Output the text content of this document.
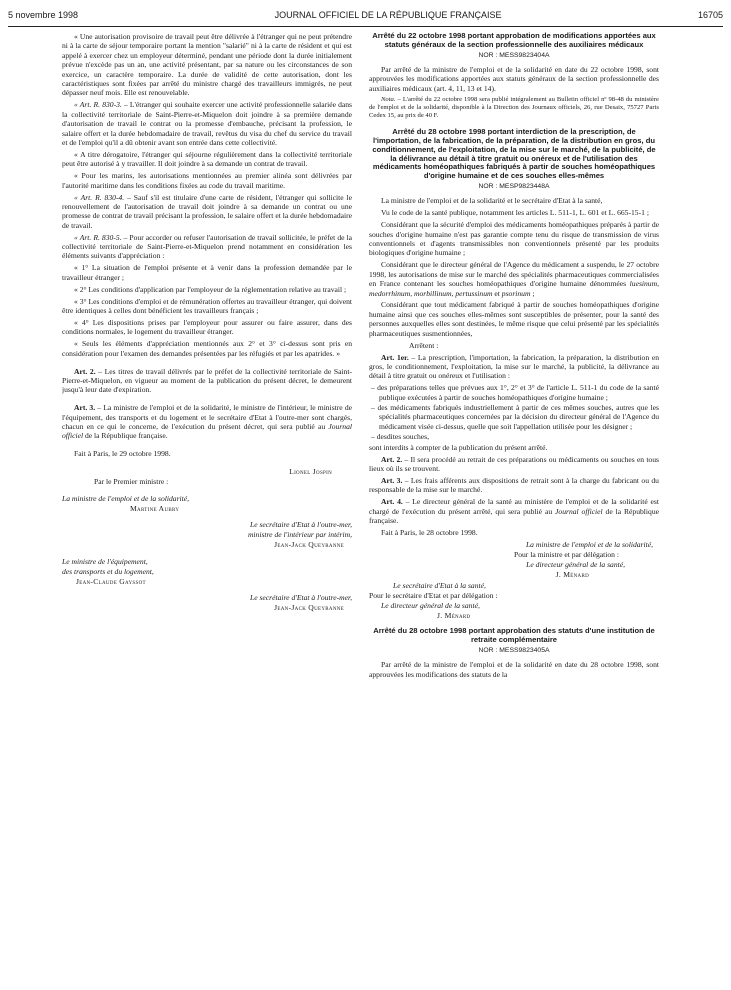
5 novembre 1998	JOURNAL OFFICIEL DE LA RÉPUBLIQUE FRANÇAISE	16705

« Une autorisation provisoire de travail peut être délivrée à l'étranger qui ne peut prétendre ni à la carte de séjour temporaire portant la mention "salarié" ni à la carte de résident et qui est appelé à exercer chez un employeur déterminé, pendant une période dont la durée initialement prévue n'excède pas un an, une activité présentant, par sa nature ou les circonstances de son exercice, un caractère temporaire. La durée de validité de cette autorisation, dont les caractéristiques sont fixées par arrêté du ministre chargé des travailleurs immigrés, ne peut dépasser neuf mois. Elle est renouvelable.

« Art. R. 830-3. – L'étranger qui souhaite exercer une activité professionnelle salariée dans la collectivité territoriale de Saint-Pierre-et-Miquelon doit joindre à sa première demande d'autorisation de travail le contrat ou la promesse d'embauche, précisant la profession, le salaire offert et la durée hebdomadaire de travail, revêtus du visa du chef du service du travail et de l'emploi qu'il a dû obtenir avant son entrée dans cette collectivité.

« A titre dérogatoire, l'étranger qui séjourne régulièrement dans la collectivité territoriale peut être autorisé à y travailler. Il doit joindre à sa demande un contrat de travail.

« Pour les marins, les autorisations mentionnées au premier alinéa sont délivrées par l'autorité maritime dans les conditions fixées au code du travail maritime.

« Art. R. 830-4. – Sauf s'il est titulaire d'une carte de résident, l'étranger qui sollicite le renouvellement de l'autorisation de travail doit joindre à sa demande un contrat ou une promesse de contrat de travail précisant la profession, le salaire offert et la durée hebdomadaire de travail.

« Art. R. 830-5. – Pour accorder ou refuser l'autorisation de travail sollicitée, le préfet de la collectivité territoriale de Saint-Pierre-et-Miquelon prend notamment en considération les éléments suivants d'appréciation :

« 1° La situation de l'emploi présente et à venir dans la profession demandée par le travailleur étranger ;

« 2° Les conditions d'application par l'employeur de la réglementation relative au travail ;

« 3° Les conditions d'emploi et de rémunération offertes au travailleur étranger, qui doivent être identiques à celles dont bénéficient les travailleurs français ;

« 4° Les dispositions prises par l'employeur pour assurer ou faire assurer, dans des conditions normales, le logement du travailleur étranger.

« Seuls les éléments d'appréciation mentionnés aux 2° et 3° ci-dessus sont pris en considération pour l'examen des demandes présentées par les réfugiés et par les apatrides. »

Art. 2. – Les titres de travail délivrés par le préfet de la collectivité territoriale de Saint-Pierre-et-Miquelon, en vigueur au moment de la publication du présent décret, le demeurent jusqu'à leur date d'expiration.

Art. 3. – La ministre de l'emploi et de la solidarité, le ministre de l'intérieur, le ministre de l'équipement, des transports et du logement et le secrétaire d'Etat à l'outre-mer sont chargés, chacun en ce qui le concerne, de l'exécution du présent décret, qui sera publié au Journal officiel de la République française.

Fait à Paris, le 29 octobre 1998.

Lionel Jospin

Par le Premier ministre :

La ministre de l'emploi et de la solidarité,

Martine Aubry

Le secrétaire d'Etat à l'outre-mer,

ministre de l'intérieur par intérim,

Jean-Jack Queyranne

Le ministre de l'équipement,

des transports et du logement,

Jean-Claude Gayssot

Le secrétaire d'Etat à l'outre-mer,

Jean-Jack Queyranne

Arrêté du 22 octobre 1998 portant approbation de modifications apportées aux statuts généraux de la section professionnelle des auxiliaires médicaux

NOR : MESS9823404A

Par arrêté de la ministre de l'emploi et de la solidarité en date du 22 octobre 1998, sont approuvées les modifications apportées aux statuts généraux de la section professionnelle des auxiliaires médicaux (art. 4, 11, 13 et 14).

Nota. – L'arrêté du 22 octobre 1998 sera publié intégralement au Bulletin officiel nº 98-48 du ministère de l'emploi et de la solidarité, disponible à la Direction des Journaux officiels, 26, rue Desaix, 75727 Paris Cedex 15, au prix de 40 F.

Arrêté du 28 octobre 1998 portant interdiction de la prescription, de l'importation, de la fabrication, de la préparation, de la distribution en gros, du conditionnement, de l'exploitation, de la mise sur le marché, de la publicité, de la délivrance au détail à titre gratuit ou onéreux et de l'utilisation des médicaments homéopathiques fabriqués à partir de souches homéopathiques d'origine humaine et de ces souches elles-mêmes

NOR : MESP9823448A

La ministre de l'emploi et de la solidarité et le secrétaire d'Etat à la santé,

Vu le code de la santé publique, notamment les articles L. 511-1, L. 601 et L. 665-15-1 ;

Considérant que la sécurité d'emploi des médicaments homéopathiques préparés à partir de souches d'origine humaine n'est pas garantie compte tenu du risque de transmission de virus conventionnels et d'agents transmissibles non conventionnels présenté par les produits biologiques d'origine humaine ;

Considérant que le directeur général de l'Agence du médicament a suspendu, le 27 octobre 1998, les autorisations de mise sur le marché des spécialités pharmaceutiques commercialisées en France contenant les souches homéopathiques d'origine humaine dénommées luesinum, medorrhinum, morbillinum, pertussinum et psorinum ;

Considérant que tout médicament fabriqué à partir de souches homéopathiques d'origine humaine ainsi que ces souches elles-mêmes sont susceptibles de présenter, pour la santé des personnes auxquelles elles sont destinées, le même risque que celui présenté par les spécialités pharmaceutiques susmentionnées,

Arrêtent :

Art. 1er. – La prescription, l'importation, la fabrication, la préparation, la distribution en gros, le conditionnement, l'exploitation, la mise sur le marché, la publicité, la délivrance au détail à titre gratuit ou onéreux et l'utilisation :

– des préparations telles que prévues aux 1°, 2° et 3° de l'article L. 511-1 du code de la santé publique exécutées à partir de souches homéopathiques d'origine humaine ;

– des médicaments fabriqués industriellement à partir de ces mêmes souches, autres que les spécialités pharmaceutiques concernées par la décision du directeur général de l'Agence du médicament visée ci-dessus, quelle que soit l'appellation utilisée pour les désigner ;

– desdites souches,

sont interdits à compter de la publication du présent arrêté.

Art. 2. – Il sera procédé au retrait de ces préparations ou médicaments ou souches en tous lieux où ils se trouvent.

Art. 3. – Les frais afférents aux dispositions de retrait sont à la charge du fabricant ou du responsable de la mise sur le marché.

Art. 4. – Le directeur général de la santé au ministère de l'emploi et de la solidarité est chargé de l'exécution du présent arrêté, qui sera publié au Journal officiel de la République française.

Fait à Paris, le 28 octobre 1998.

La ministre de l'emploi et de la solidarité,

Pour la ministre et par délégation :

Le directeur général de la santé,

J. Ménard

Le secrétaire d'Etat à la santé,

Pour le secrétaire d'Etat et par délégation :

Le directeur général de la santé,

J. Ménard

Arrêté du 28 octobre 1998 portant approbation des statuts d'une institution de retraite complémentaire

NOR : MESS9823405A

Par arrêté de la ministre de l'emploi et de la solidarité en date du 28 octobre 1998, sont approuvées les modifications des statuts de la
